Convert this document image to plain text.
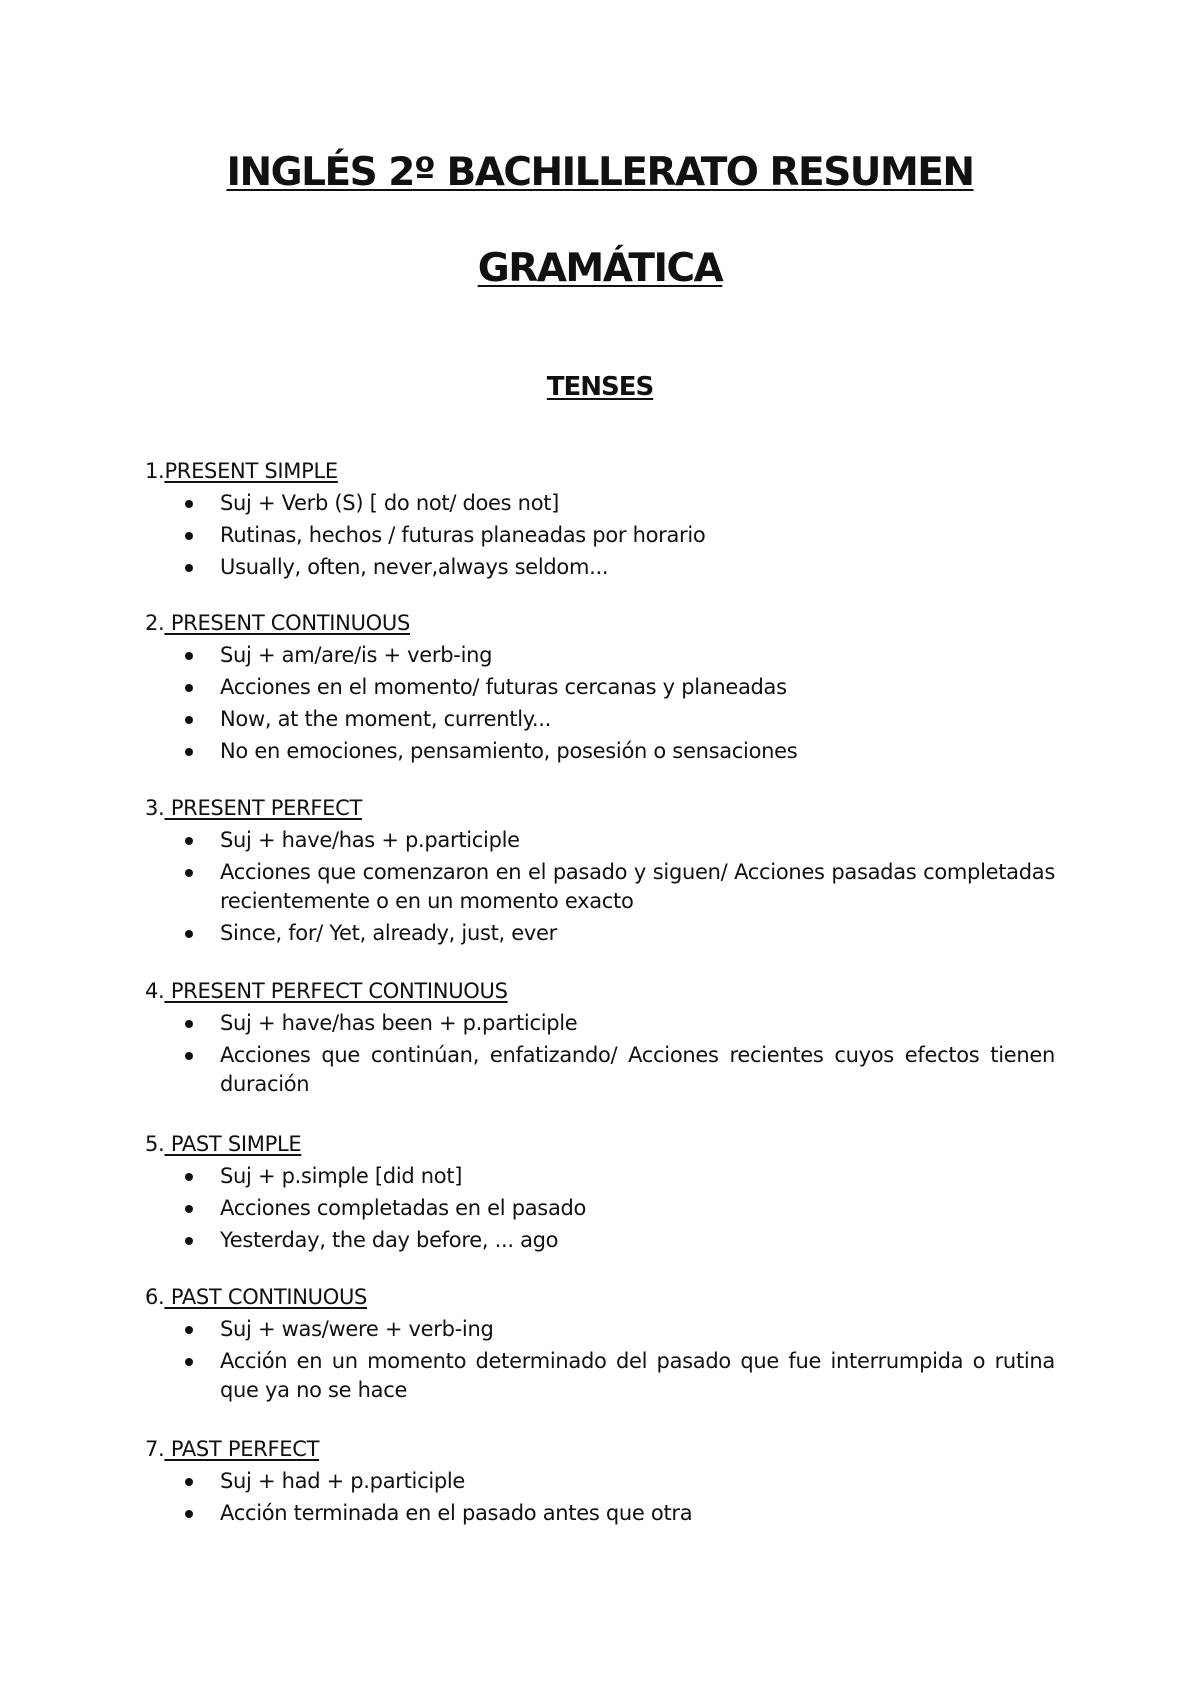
INGLÉS 2º BACHILLERATO RESUMEN
GRAMÁTICA
TENSES
1.PRESENT SIMPLE
Suj + Verb (S) [ do not/ does not]
Rutinas, hechos / futuras planeadas por horario
Usually, often, never,always seldom...
2. PRESENT CONTINUOUS
Suj + am/are/is + verb-ing
Acciones en el momento/ futuras cercanas y planeadas
Now, at the moment, currently...
No en emociones, pensamiento, posesión o sensaciones
3. PRESENT PERFECT
Suj + have/has + p.participle
Acciones que comenzaron en el pasado y siguen/ Acciones pasadas completadas recientemente o en un momento exacto
Since, for/ Yet, already, just, ever
4. PRESENT PERFECT CONTINUOUS
Suj + have/has been + p.participle
Acciones que continúan, enfatizando/ Acciones recientes cuyos efectos tienen duración
5. PAST SIMPLE
Suj + p.simple [did not]
Acciones completadas en el pasado
Yesterday, the day before, ... ago
6. PAST CONTINUOUS
Suj + was/were + verb-ing
Acción en un momento determinado del pasado que fue interrumpida o rutina que ya no se hace
7. PAST PERFECT
Suj + had + p.participle
Acción terminada en el pasado antes que otra
